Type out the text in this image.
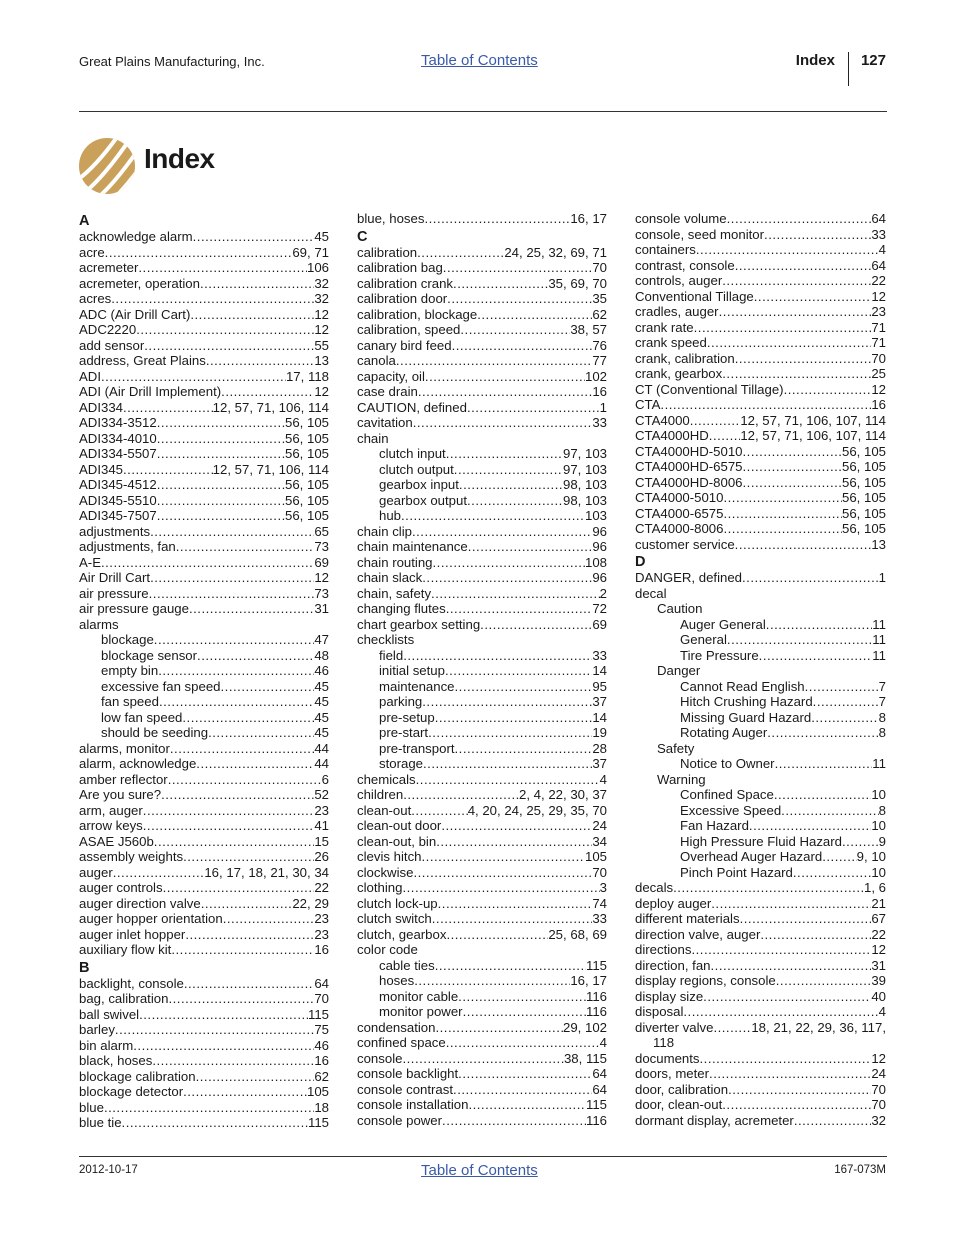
Great Plains Manufacturing, Inc.	Table of Contents	Index 127
Index
A
acknowledge alarm .....	45
acre .....	69, 71
acremeter .....	106
acremeter, operation .....	32
acres .....	32
ADC (Air Drill Cart) .....	12
ADC2220 .....	12
add sensor .....	55
address, Great Plains .....	13
ADI .....	17, 118
ADI (Air Drill Implement) .....	12
ADI334 .....	12, 57, 71, 106, 114
ADI334-3512 .....	56, 105
ADI334-4010 .....	56, 105
ADI334-5507 .....	56, 105
ADI345 .....	12, 57, 71, 106, 114
ADI345-4512 .....	56, 105
ADI345-5510 .....	56, 105
ADI345-7507 .....	56, 105
adjustments .....	65
adjustments, fan .....	73
A-E .....	69
Air Drill Cart .....	12
air pressure .....	73
air pressure gauge .....	31
alarms
blockage .....	47
blockage sensor .....	48
empty bin .....	46
excessive fan speed .....	45
fan speed .....	45
low fan speed .....	45
should be seeding .....	45
alarms, monitor .....	44
alarm, acknowledge .....	44
amber reflector .....	6
Are you sure? .....	52
arm, auger .....	23
arrow keys .....	41
ASAE J560b .....	15
assembly weights .....	26
auger .....	16, 17, 18, 21, 30, 34
auger controls .....	22
auger direction valve .....	22, 29
auger hopper orientation .....	23
auger inlet hopper .....	23
auxiliary flow kit .....	16
B
backlight, console .....	64
bag, calibration .....	70
ball swivel .....	115
barley .....	75
bin alarm .....	46
black, hoses .....	16
blockage calibration .....	62
blockage detector .....	105
blue .....	18
blue tie .....	115
blue, hoses .....	16, 17
C
calibration .....	24, 25, 32, 69, 71
calibration bag .....	70
calibration crank .....	35, 69, 70
calibration door .....	35
calibration, blockage .....	62
calibration, speed .....	38, 57
canary bird feed .....	76
canola .....	77
capacity, oil .....	102
case drain .....	16
CAUTION, defined .....	1
cavitation .....	33
chain
clutch input .....	97, 103
clutch output .....	97, 103
gearbox input .....	98, 103
gearbox output .....	98, 103
hub .....	103
chain clip .....	96
chain maintenance .....	96
chain routing .....	108
chain slack .....	96
chain, safety .....	2
changing flutes .....	72
chart gearbox setting .....	69
checklists
field .....	33
initial setup .....	14
maintenance .....	95
parking .....	37
pre-setup .....	14
pre-start .....	19
pre-transport .....	28
storage .....	37
chemicals .....	4
children .....	2, 4, 22, 30, 37
clean-out .....	4, 20, 24, 25, 29, 35, 70
clean-out door .....	24
clean-out, bin .....	34
clevis hitch .....	105
clockwise .....	70
clothing .....	3
clutch lock-up .....	74
clutch switch .....	33
clutch, gearbox .....	25, 68, 69
color code
cable ties .....	115
hoses .....	16, 17
monitor cable .....	116
monitor power .....	116
condensation .....	29, 102
confined space .....	4
console .....	38, 115
console backlight .....	64
console contrast .....	64
console installation .....	115
console power .....	116
console volume .....	64
console, seed monitor .....	33
containers .....	4
contrast, console .....	64
controls, auger .....	22
Conventional Tillage .....	12
cradles, auger .....	23
crank rate .....	71
crank speed .....	71
crank, calibration .....	70
crank, gearbox .....	25
CT (Conventional Tillage) .....	12
CTA .....	16
CTA4000 .....	12, 57, 71, 106, 107, 114
CTA4000HD ..... 12, 57, 71, 106, 107, 114
CTA4000HD-5010 .....	56, 105
CTA4000HD-6575 .....	56, 105
CTA4000HD-8006 .....	56, 105
CTA4000-5010 .....	56, 105
CTA4000-6575 .....	56, 105
CTA4000-8006 .....	56, 105
customer service .....	13
D
DANGER, defined .....	1
decal
Caution
Auger General .....	11
General .....	11
Tire Pressure .....	11
Danger
Cannot Read English .....	7
Hitch Crushing Hazard .....	7
Missing Guard Hazard .....	8
Rotating Auger .....	8
Safety
Notice to Owner .....	11
Warning
Confined Space .....	10
Excessive Speed .....	8
Fan Hazard .....	10
High Pressure Fluid Hazard .....	9
Overhead Auger Hazard .....	9, 10
Pinch Point Hazard .....	10
decals .....	1, 6
deploy auger .....	21
different materials .....	67
direction valve, auger .....	22
directions .....	12
direction, fan .....	31
display regions, console .....	39
display size .....	40
disposal .....	4
diverter valve .....	18, 21, 22, 29, 36, 117,
118
documents .....	12
doors, meter .....	24
door, calibration .....	70
door, clean-out .....	70
dormant display, acremeter .....	32
2012-10-17	Table of Contents	167-073M
